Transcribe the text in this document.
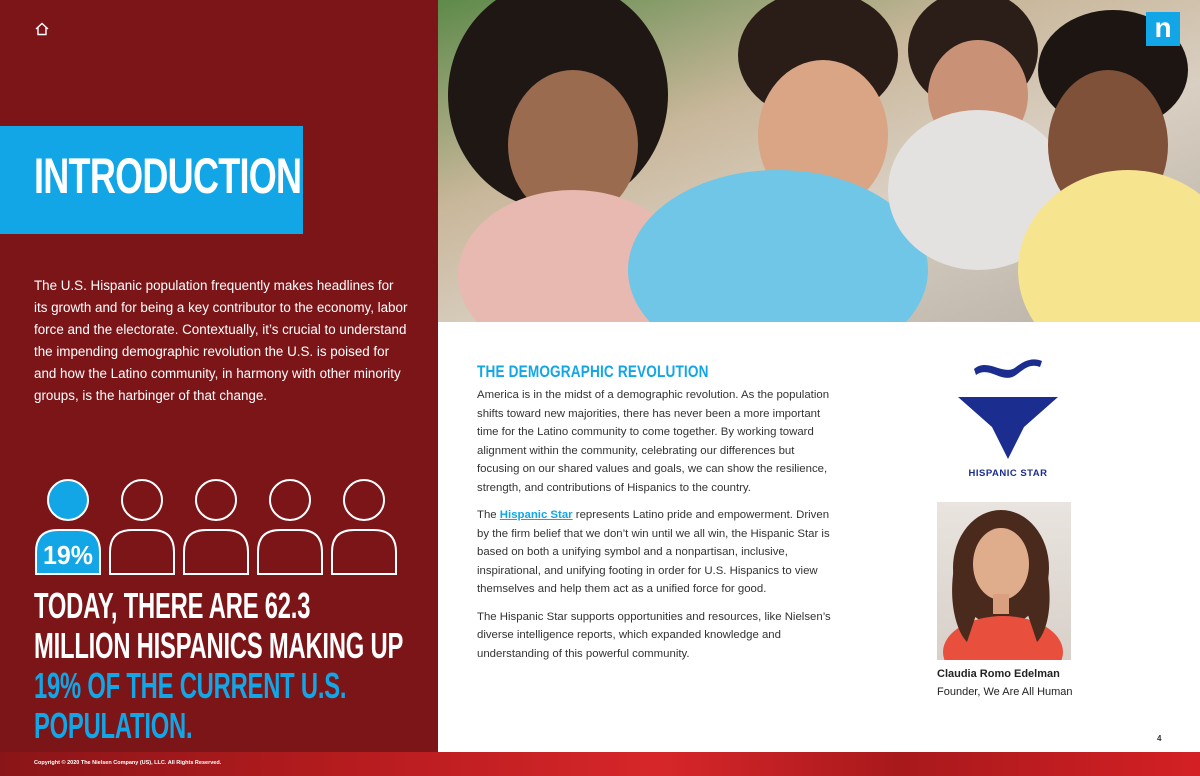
INTRODUCTION
The U.S. Hispanic population frequently makes headlines for its growth and for being a key contributor to the economy, labor force and the electorate. Contextually, it’s crucial to understand the impending demographic revolution the U.S. is poised for and how the Latino community, in harmony with other minority groups, is the harbinger of that change.
19%
TODAY, THERE ARE 62.3 MILLION HISPANICS MAKING UP 19% OF THE CURRENT U.S. POPULATION.
n
THE DEMOGRAPHIC REVOLUTION

America is in the midst of a demographic revolution. As the population shifts toward new majorities, there has never been a more important time for the Latino community to come together. By working toward alignment within the community, celebrating our differences but focusing on our shared values and goals, we can show the resilience, strength, and contributions of Hispanics to the country.

The Hispanic Star represents Latino pride and empowerment. Driven by the firm belief that we don’t win until we all win, the Hispanic Star is based on both a unifying symbol and a nonpartisan, inclusive, inspirational, and unifying footing in order for U.S. Hispanics to view themselves and help them act as a unified force for good.

The Hispanic Star supports opportunities and resources, like Nielsen’s diverse intelligence reports, which expanded knowledge and understanding of this powerful community.

HISPANIC STAR
Claudia Romo Edelman
Founder, We Are All Human
4
Copyright © 2020 The Nielsen Company (US), LLC. All Rights Reserved.
